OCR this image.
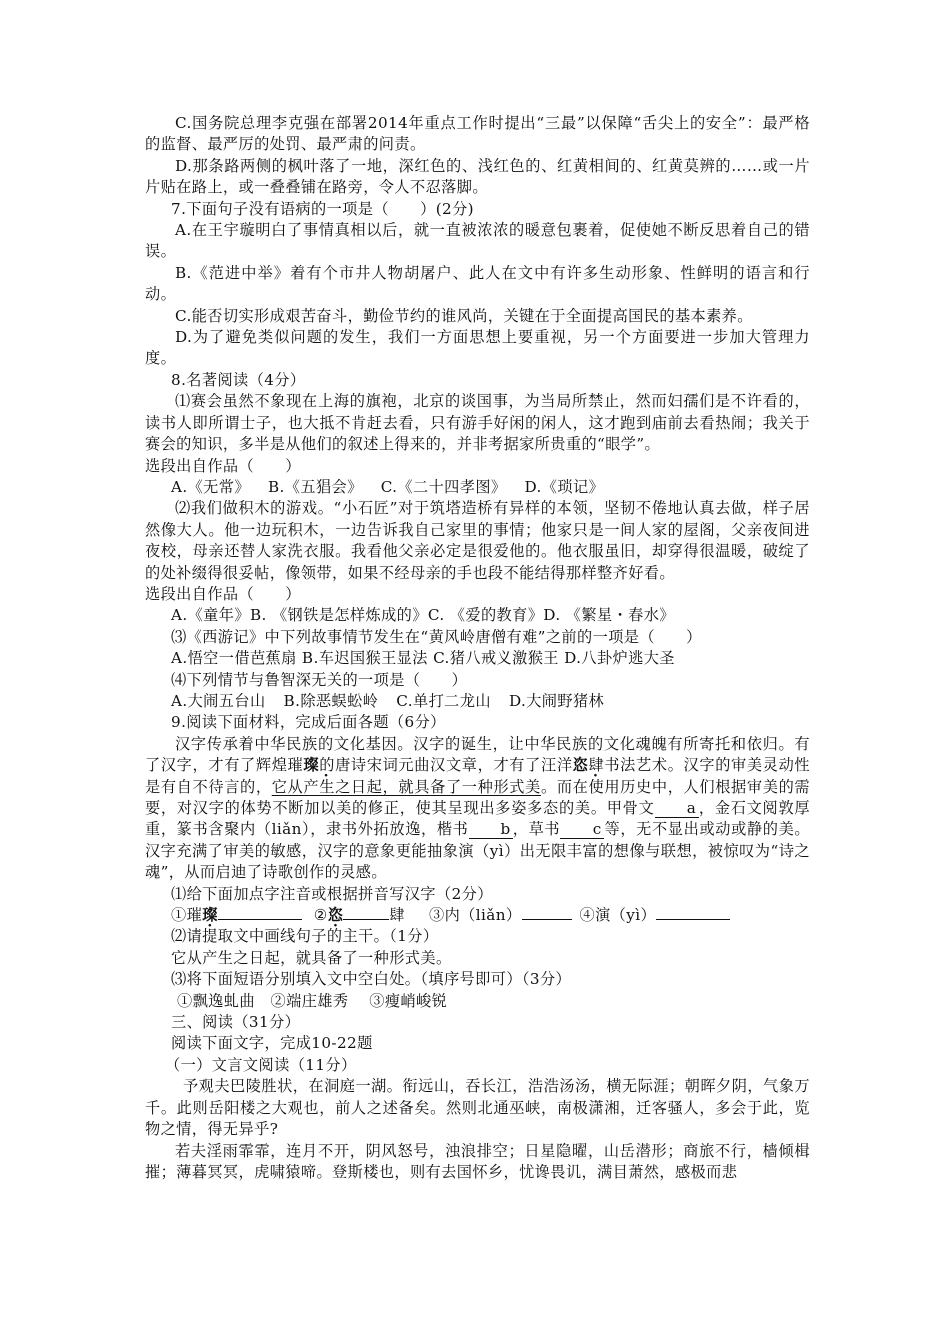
C.国务院总理李克强在部署2014年重点工作时提出“三最”以保障“舌尖上的安全”：最严格的监督、最严厉的处罚、最严肃的问责。

D.那条路两侧的枫叶落了一地，深红色的、浅红色的、红黄相间的、红黄莫辨的……或一片片贴在路上，或一叠叠铺在路旁，令人不忍落脚。

7.下面句子没有语病的一项是（　　）(2分)

A.在王宇璇明白了事情真相以后，就一直被浓浓的暖意包裹着，促使她不断反思着自己的错误。

B.《范进中举》着有个市井人物胡屠户、此人在文中有许多生动形象、性鲜明的语言和行动。

C.能否切实形成艰苦奋斗，勤俭节约的谁风尚，关键在于全面提高国民的基本素养。

D.为了避免类似问题的发生，我们一方面思想上要重视，另一个方面要进一步加大管理力度。

8.名著阅读（4分）

⑴赛会虽然不象现在上海的旗袍，北京的谈国事，为当局所禁止，然而妇孺们是不许看的，读书人即所谓士子，也大抵不肯赶去看，只有游手好闲的闲人，这才跑到庙前去看热闹；我关于赛会的知识，多半是从他们的叙述上得来的，并非考据家所贵重的“眼学”。

选段出自作品（　　）

A.《无常》 B.《五猖会》 C.《二十四孝图》 D.《琐记》

⑵我们做积木的游戏。“小石匠”对于筑塔造桥有异样的本领，坚韧不倦地认真去做，样子居然像大人。他一边玩积木，一边告诉我自己家里的事情；他家只是一间人家的屋阁，父亲夜间进夜校，母亲还替人家洗衣服。我看他父亲必定是很爱他的。他衣服虽旧，却穿得很温暖，破绽了的处补缀得很妥帖，像领带，如果不经母亲的手也段不能结得那样整齐好看。

选段出自作品（　　）

A.《童年》B. 《钢铁是怎样炼成的》C. 《爱的教育》D. 《繁星・春水》

⑶《西游记》中下列故事情节发生在“黄风岭唐僧有难”之前的一项是（　　）

A.悟空一借芭蕉扇 B.车迟国猴王显法 C.猪八戒义激猴王 D.八卦炉逃大圣

⑷下列情节与鲁智深无关的一项是（　　）

A.大闹五台山 B.除恶蜈蚣岭 C.单打二龙山 D.大闹野猪林

9.阅读下面材料，完成后面各题（6分）

汉字传承着中华民族的文化基因。汉字的诞生，让中华民族的文化魂魄有所寄托和依归。有了汉字，才有了辉煌璀璨的唐诗宋词元曲汉文章，才有了汪洋恣肆书法艺术。汉字的审美灵动性是有自不待言的，它从产生之日起，就具备了一种形式美。而在使用历史中，人们根据审美的需要，对汉字的体势不断加以美的修正，使其呈现出多姿多态的美。甲骨文 a ，金石文阅敦厚重，篆书含聚内（liǎn），隶书外拓放逸，楷书 b ，草书 c 等，无不显出或动或静的美。汉字充满了审美的敏感，汉字的意象更能抽象演（yì）出无限丰富的想像与联想，被惊叹为“诗之魂”，从而启迪了诗歌创作的灵感。

⑴给下面加点字注音或根据拼音写汉字（2分）

①璀璨	②恣	肆 ③内（liǎn）	④演（yì）

⑵请提取文中画线句子的主干。（1分）

它从产生之日起，就具备了一种形式美。

⑶将下面短语分别填入文中空白处。（填序号即可）（3分）

①飘逸虬曲　②端庄雄秀　 ③瘦峭峻锐

三、阅读（31分）

阅读下面文字，完成10-22题

（一）文言文阅读（11分）

予观夫巴陵胜状，在洞庭一湖。衔远山，吞长江，浩浩汤汤，横无际涯；朝晖夕阴，气象万千。此则岳阳楼之大观也，前人之述备矣。然则北通巫峡，南极潇湘，迁客骚人，多会于此，览物之情，得无异乎?

若夫淫雨霏霏，连月不开，阴风怒号，浊浪排空；日星隐曜，山岳潜形；商旅不行，樯倾楫摧；薄暮冥冥，虎啸猿啼。登斯楼也，则有去国怀乡，忧谗畏讥，满目萧然，感极而悲
